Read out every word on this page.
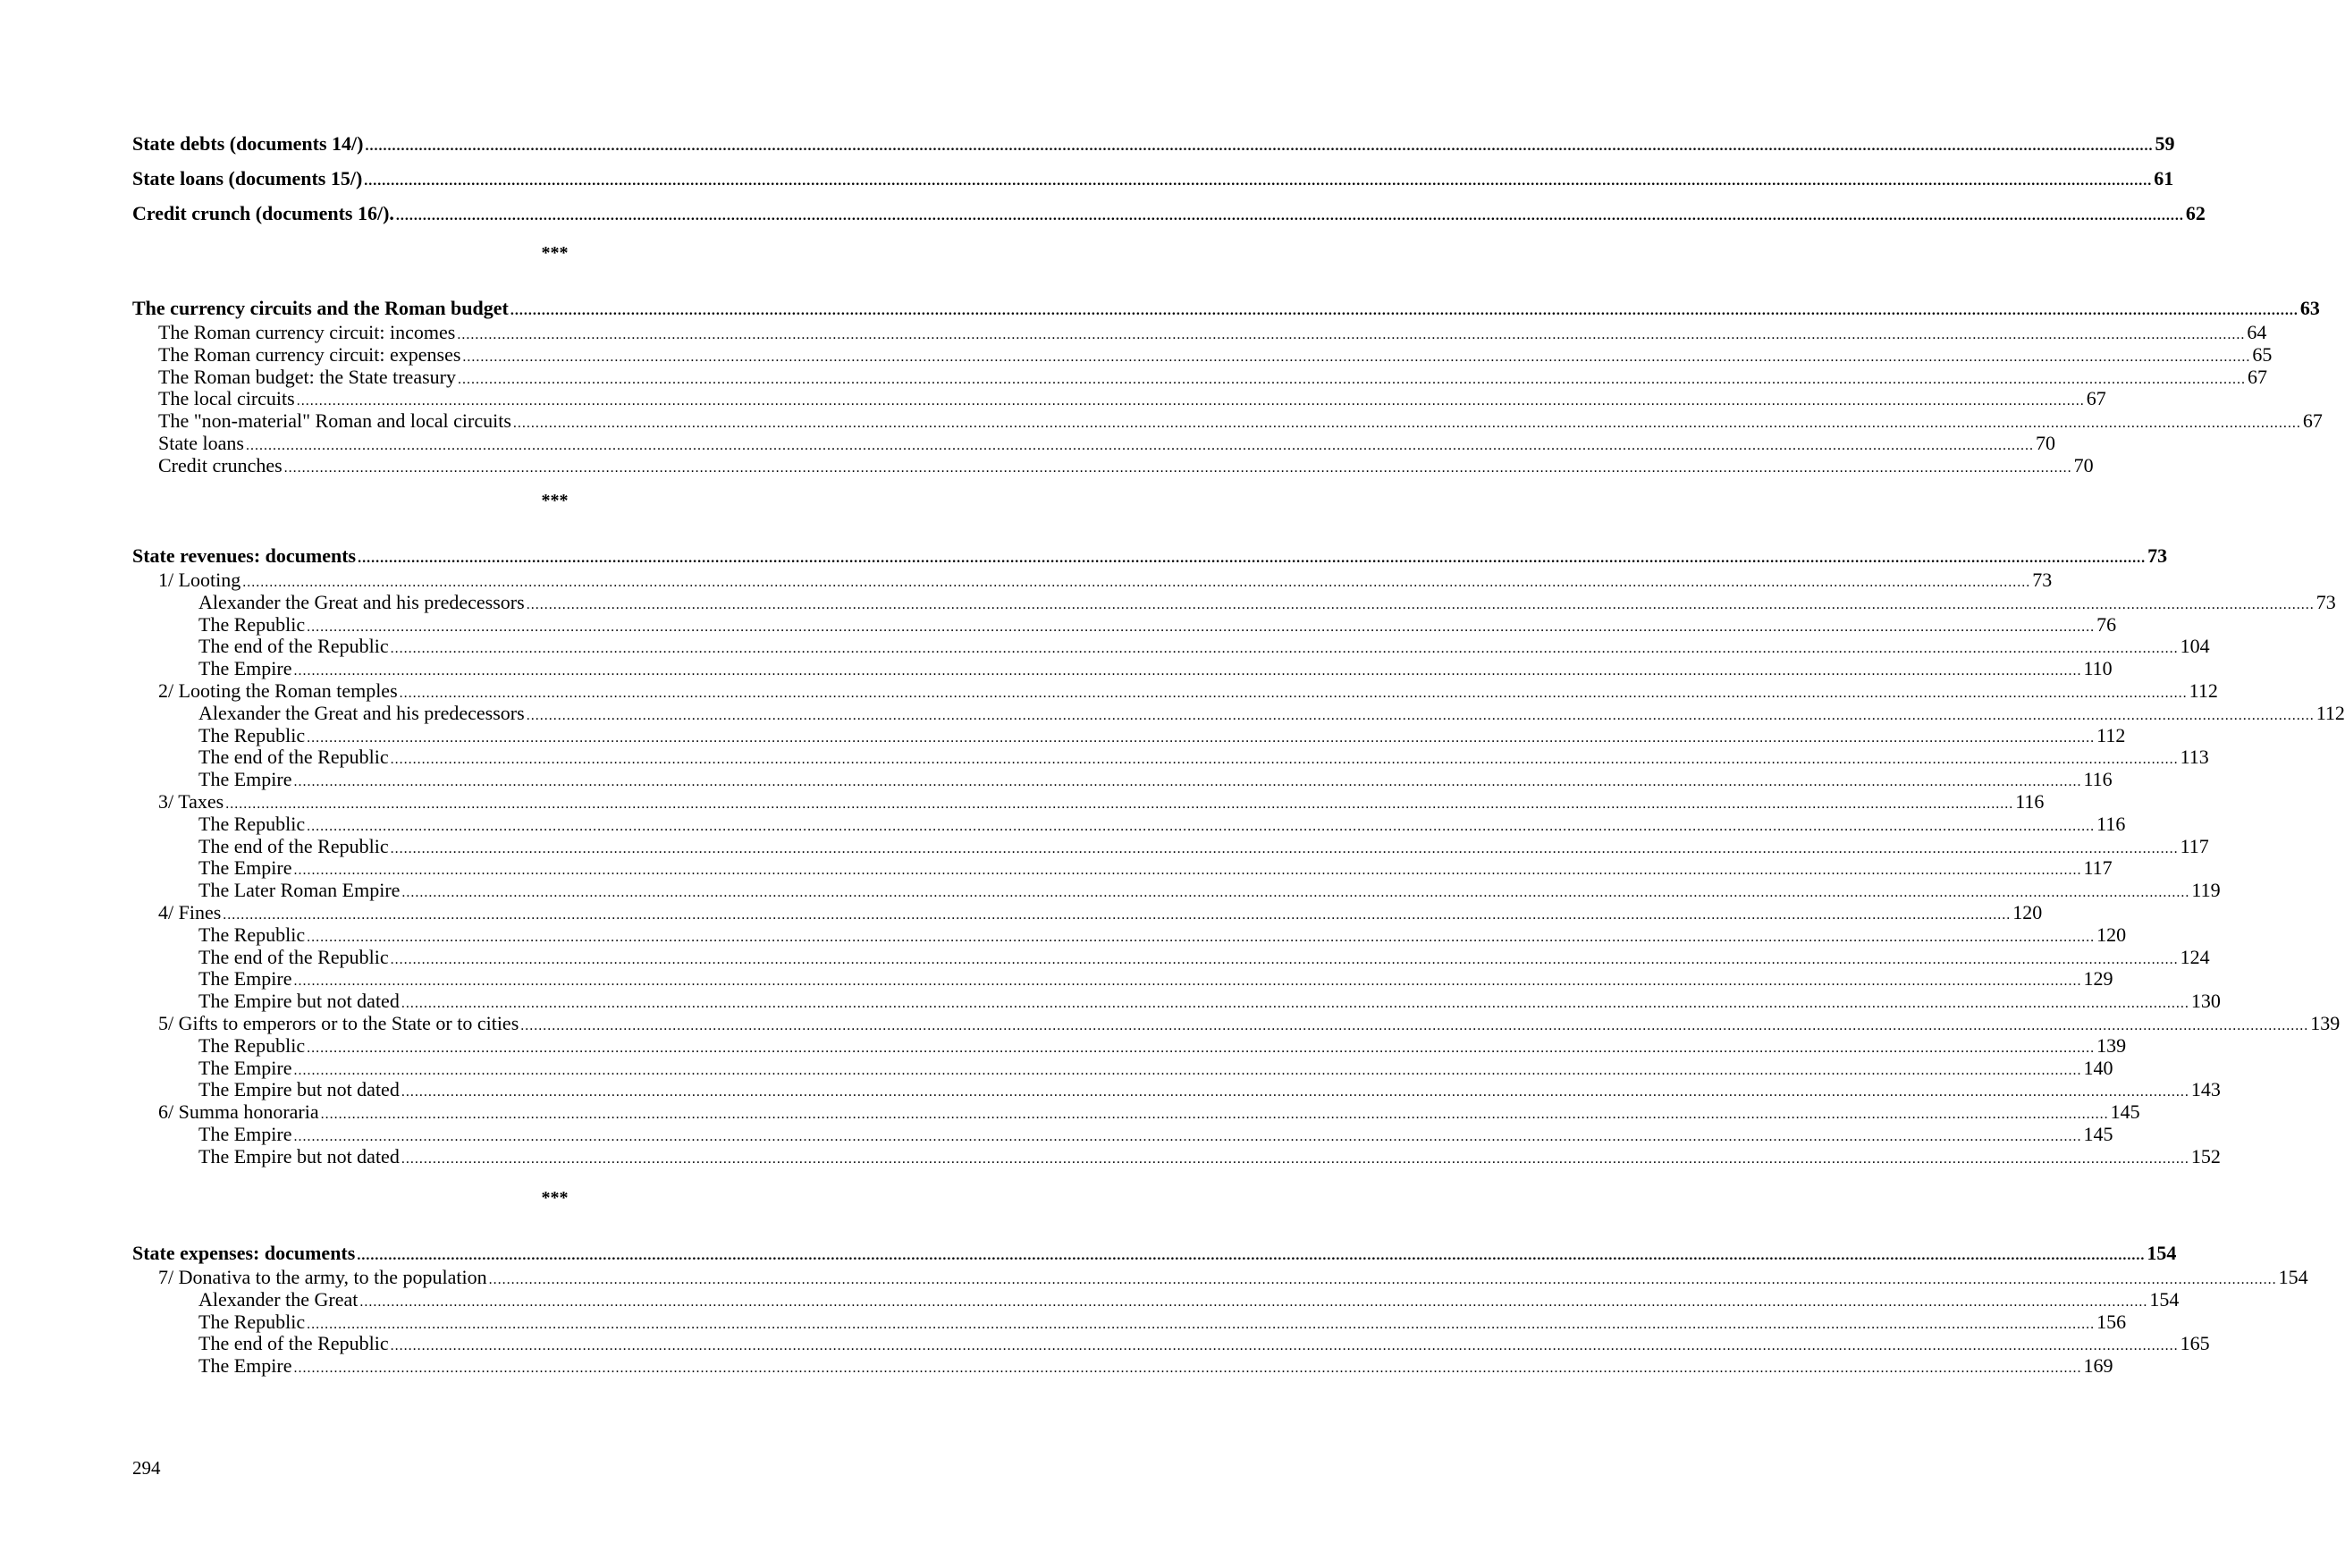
State debts (documents 14/) ................................................................................................................................................................................................................................................................................................................................................................................................................ 59
State loans (documents 15/) ................................................................................................................................................................................................................................................................................................................................................................................................................ 61
Credit crunch (documents 16/). ................................................................................................................................................................................................................................................................................................................................................................................................................ 62
***
The currency circuits and the Roman budget ................................................................................................................................................................................................................................................................................................................................................................................................................ 63
The Roman currency circuit: incomes ................................................................................................................................................................................................................................................................................................................................................................................................................ 64
The Roman currency circuit: expenses ................................................................................................................................................................................................................................................................................................................................................................................................................ 65
The Roman budget: the State treasury ................................................................................................................................................................................................................................................................................................................................................................................................................ 67
The local circuits ................................................................................................................................................................................................................................................................................................................................................................................................................ 67
The "non-material" Roman and local circuits ................................................................................................................................................................................................................................................................................................................................................................................................................ 67
State loans ................................................................................................................................................................................................................................................................................................................................................................................................................ 70
Credit crunches ................................................................................................................................................................................................................................................................................................................................................................................................................ 70
***
State revenues: documents ................................................................................................................................................................................................................................................................................................................................................................................................................ 73
1/ Looting ................................................................................................................................................................................................................................................................................................................................................................................................................ 73
Alexander the Great and his predecessors ................................................................................................................................................................................................................................................................................................................................................................................................................ 73
The Republic ................................................................................................................................................................................................................................................................................................................................................................................................................ 76
The end of the Republic ................................................................................................................................................................................................................................................................................................................................................................................................................ 104
The Empire ................................................................................................................................................................................................................................................................................................................................................................................................................ 110
2/ Looting the Roman temples ................................................................................................................................................................................................................................................................................................................................................................................................................ 112
Alexander the Great and his predecessors ................................................................................................................................................................................................................................................................................................................................................................................................................ 112
The Republic ................................................................................................................................................................................................................................................................................................................................................................................................................ 112
The end of the Republic ................................................................................................................................................................................................................................................................................................................................................................................................................ 113
The Empire ................................................................................................................................................................................................................................................................................................................................................................................................................ 116
3/ Taxes ................................................................................................................................................................................................................................................................................................................................................................................................................ 116
The Republic ................................................................................................................................................................................................................................................................................................................................................................................................................ 116
The end of the Republic ................................................................................................................................................................................................................................................................................................................................................................................................................ 117
The Empire ................................................................................................................................................................................................................................................................................................................................................................................................................ 117
The Later Roman Empire ................................................................................................................................................................................................................................................................................................................................................................................................................ 119
4/ Fines ................................................................................................................................................................................................................................................................................................................................................................................................................ 120
The Republic ................................................................................................................................................................................................................................................................................................................................................................................................................ 120
The end of the Republic ................................................................................................................................................................................................................................................................................................................................................................................................................ 124
The Empire ................................................................................................................................................................................................................................................................................................................................................................................................................ 129
The Empire but not dated ................................................................................................................................................................................................................................................................................................................................................................................................................ 130
5/ Gifts to emperors or to the State or to cities ................................................................................................................................................................................................................................................................................................................................................................................................................ 139
The Republic ................................................................................................................................................................................................................................................................................................................................................................................................................ 139
The Empire ................................................................................................................................................................................................................................................................................................................................................................................................................ 140
The Empire but not dated ................................................................................................................................................................................................................................................................................................................................................................................................................ 143
6/ Summa honoraria ................................................................................................................................................................................................................................................................................................................................................................................................................ 145
The Empire ................................................................................................................................................................................................................................................................................................................................................................................................................ 145
The Empire but not dated ................................................................................................................................................................................................................................................................................................................................................................................................................ 152
***
State expenses: documents ................................................................................................................................................................................................................................................................................................................................................................................................................ 154
7/ Donativa to the army, to the population ................................................................................................................................................................................................................................................................................................................................................................................................................ 154
Alexander the Great ................................................................................................................................................................................................................................................................................................................................................................................................................ 154
The Republic ................................................................................................................................................................................................................................................................................................................................................................................................................ 156
The end of the Republic ................................................................................................................................................................................................................................................................................................................................................................................................................ 165
The Empire ................................................................................................................................................................................................................................................................................................................................................................................................................ 169
294
